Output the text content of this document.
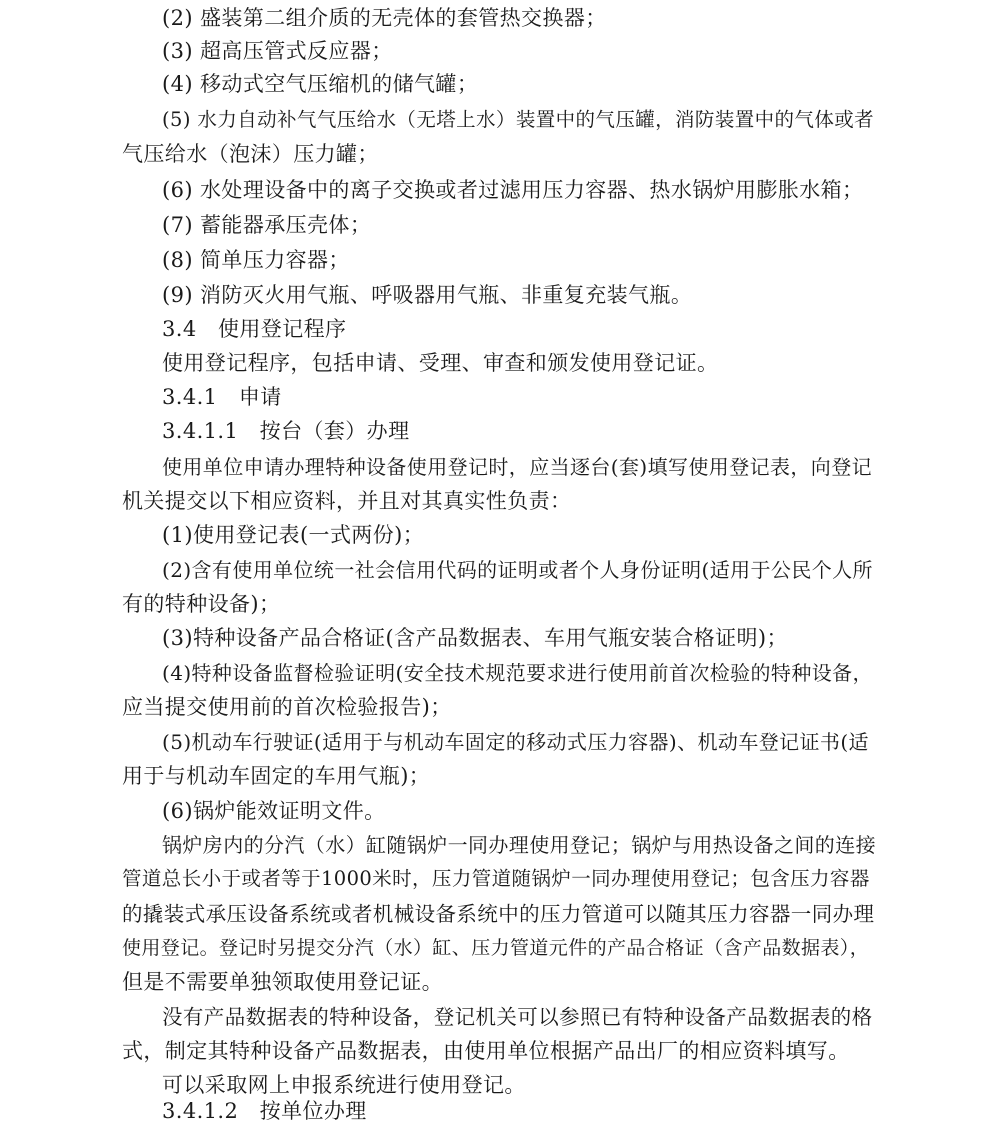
(2) 盛装第二组介质的无壳体的套管热交换器；
(3) 超高压管式反应器；
(4) 移动式空气压缩机的储气罐；
(5) 水力自动补气气压给水（无塔上水）装置中的气压罐，消防装置中的气体或者
气压给水（泡沫）压力罐；
(6) 水处理设备中的离子交换或者过滤用压力容器、热水锅炉用膨胀水箱；
(7) 蓄能器承压壳体；
(8) 简单压力容器；
(9) 消防灭火用气瓶、呼吸器用气瓶、非重复充装气瓶。
3.4　使用登记程序
使用登记程序，包括申请、受理、审查和颁发使用登记证。
3.4.1　申请
3.4.1.1　按台（套）办理
使用单位申请办理特种设备使用登记时，应当逐台(套)填写使用登记表，向登记
机关提交以下相应资料，并且对其真实性负责：
(1)使用登记表(一式两份)；
(2)含有使用单位统一社会信用代码的证明或者个人身份证明(适用于公民个人所
有的特种设备)；
(3)特种设备产品合格证(含产品数据表、车用气瓶安装合格证明)；
(4)特种设备监督检验证明(安全技术规范要求进行使用前首次检验的特种设备，
应当提交使用前的首次检验报告)；
(5)机动车行驶证(适用于与机动车固定的移动式压力容器)、机动车登记证书(适
用于与机动车固定的车用气瓶)；
(6)锅炉能效证明文件。
锅炉房内的分汽（水）缸随锅炉一同办理使用登记；锅炉与用热设备之间的连接
管道总长小于或者等于1000米时，压力管道随锅炉一同办理使用登记；包含压力容器
的撬装式承压设备系统或者机械设备系统中的压力管道可以随其压力容器一同办理
使用登记。登记时另提交分汽（水）缸、压力管道元件的产品合格证（含产品数据表），
但是不需要单独领取使用登记证。
没有产品数据表的特种设备，登记机关可以参照已有特种设备产品数据表的格
式，制定其特种设备产品数据表，由使用单位根据产品出厂的相应资料填写。
可以采取网上申报系统进行使用登记。
3.4.1.2　按单位办理
